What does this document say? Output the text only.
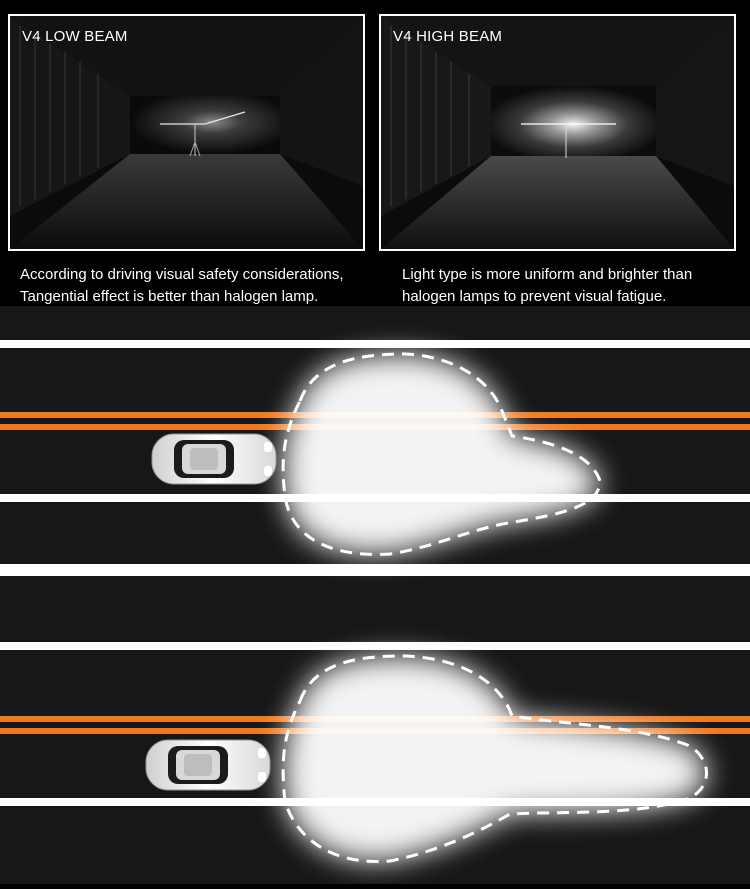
V4 LOW BEAM	V4 HIGH BEAM
According to driving visual safety considerations,
Tangential effect is better than halogen lamp.
Light type is more uniform and brighter than
halogen lamps to prevent visual fatigue.
